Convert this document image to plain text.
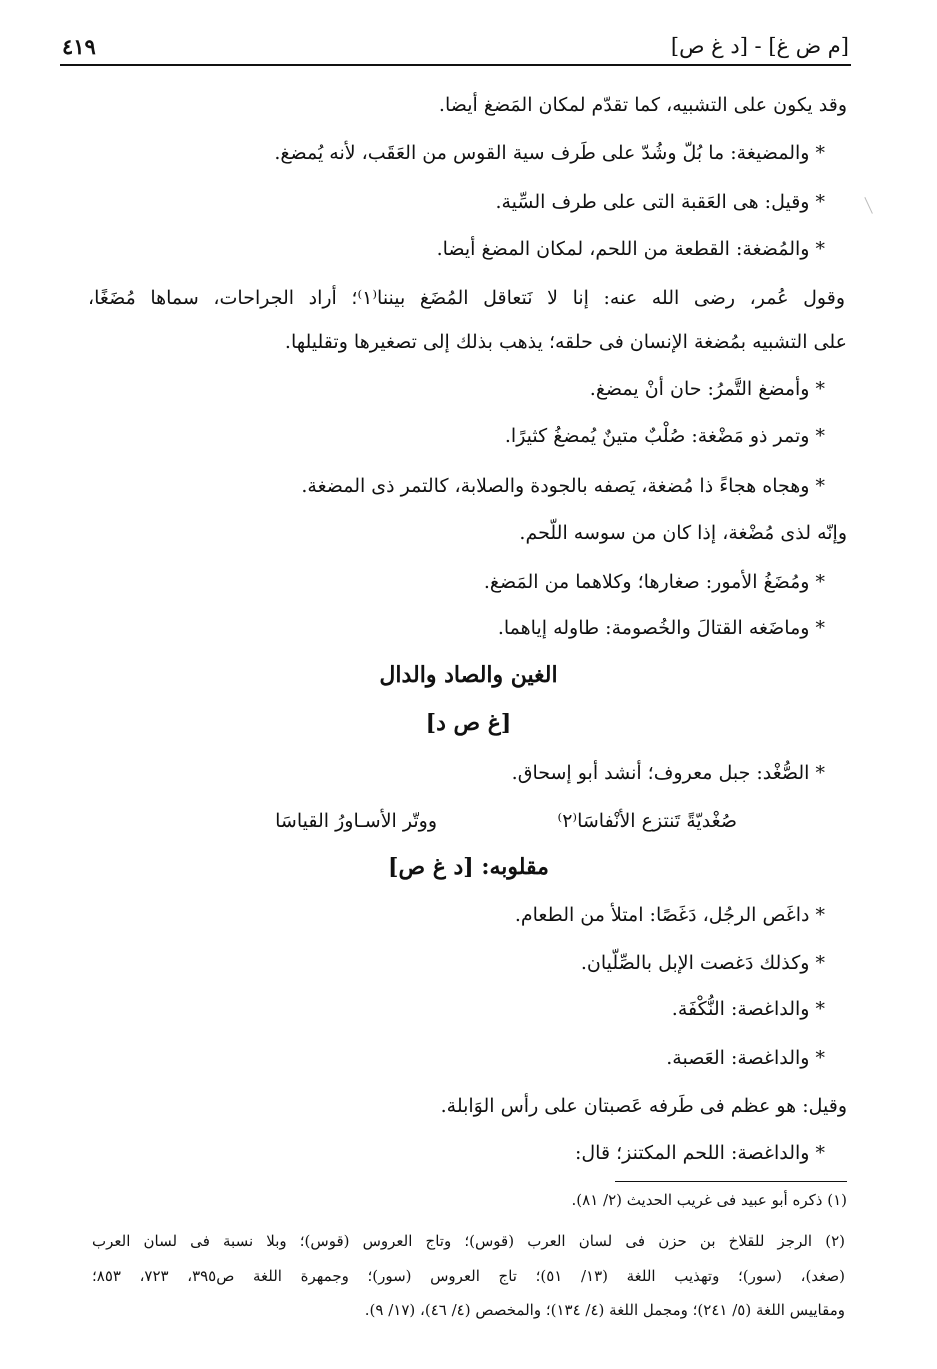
٤١٩	[م ض غ] - [د غ ص]
وقد يكون على التشبيه، كما تقدّم لمكان المَضغ أيضا.
* والمضيغة: ما بُلّ وشُدّ على طَرف سية القوس من العَقَب، لأنه يُمضغ.
* وقيل: هى العَقبة التى على طرف السِّية.
* والمُضغة: القطعة من اللحم، لمكان المضغ أيضا.
وقول عُمر، رضى الله عنه: إنا لا نَتعاقل المُضَغ بيننا⁽١⁾؛ أراد الجراحات، سماها مُضَغًا،
على التشبيه بمُضغة الإنسان فى حلقه؛ يذهب بذلك إلى تصغيرها وتقليلها.
* وأمضغ التَّمرُ: حان أنْ يمضغ.
* وتمر ذو مَضْغة: صُلْبٌ متينٌ يُمضغُ كثيرًا.
* وهجاه هجاءً ذا مُضغة، يَصفه بالجودة والصلابة، كالتمر ذى المضغة.
وإنّه لذى مُضْغة، إذا كان من سوسه اللّحم.
* ومُضَغُ الأمور: صغارها؛ وكلاهما من المَضغ.
* وماضَغه القتالَ والخُصومة: طاوله إياهما.
الغين والصاد والدال
[غ ص د]
* الصُّغْد: جبل معروف؛ أنشد أبو إسحاق.
ووتّر الأسـاورُ القياسَا	صُغْديّةً تَنتزع الأنْفاسَا⁽٢⁾
مقلوبه: [د غ ص]
* داغَص الرجُل، دَغَصًا: امتلأ من الطعام.
* وكذلك دَغصت الإبل بالصِّلّيان.
* والداغصة: النُّكْفَة.
* والداغصة: العَصبة.
وقيل: هو عظم فى طَرفه عَصبتان على رأس الوَابلة.
* والداغصة: اللحم المكتنز؛ قال:
(١) ذكره أبو عبيد فى غريب الحديث (٢/ ٨١).
(٢) الرجز للقلاخ بن حزن فى لسان العرب (قوس)؛ وتاج العروس (قوس)؛ وبلا نسبة فى لسان العرب
(صغد)، (سور)؛ وتهذيب اللغة (١٣/ ٥١)؛ تاج العروس (سور)؛ وجمهرة اللغة ص٣٩٥، ٧٢٣، ٨٥٣؛
ومقاييس اللغة (٥/ ٢٤١)؛ ومجمل اللغة (٤/ ١٣٤)؛ والمخصص (٤/ ٤٦)، (١٧/ ٩).
